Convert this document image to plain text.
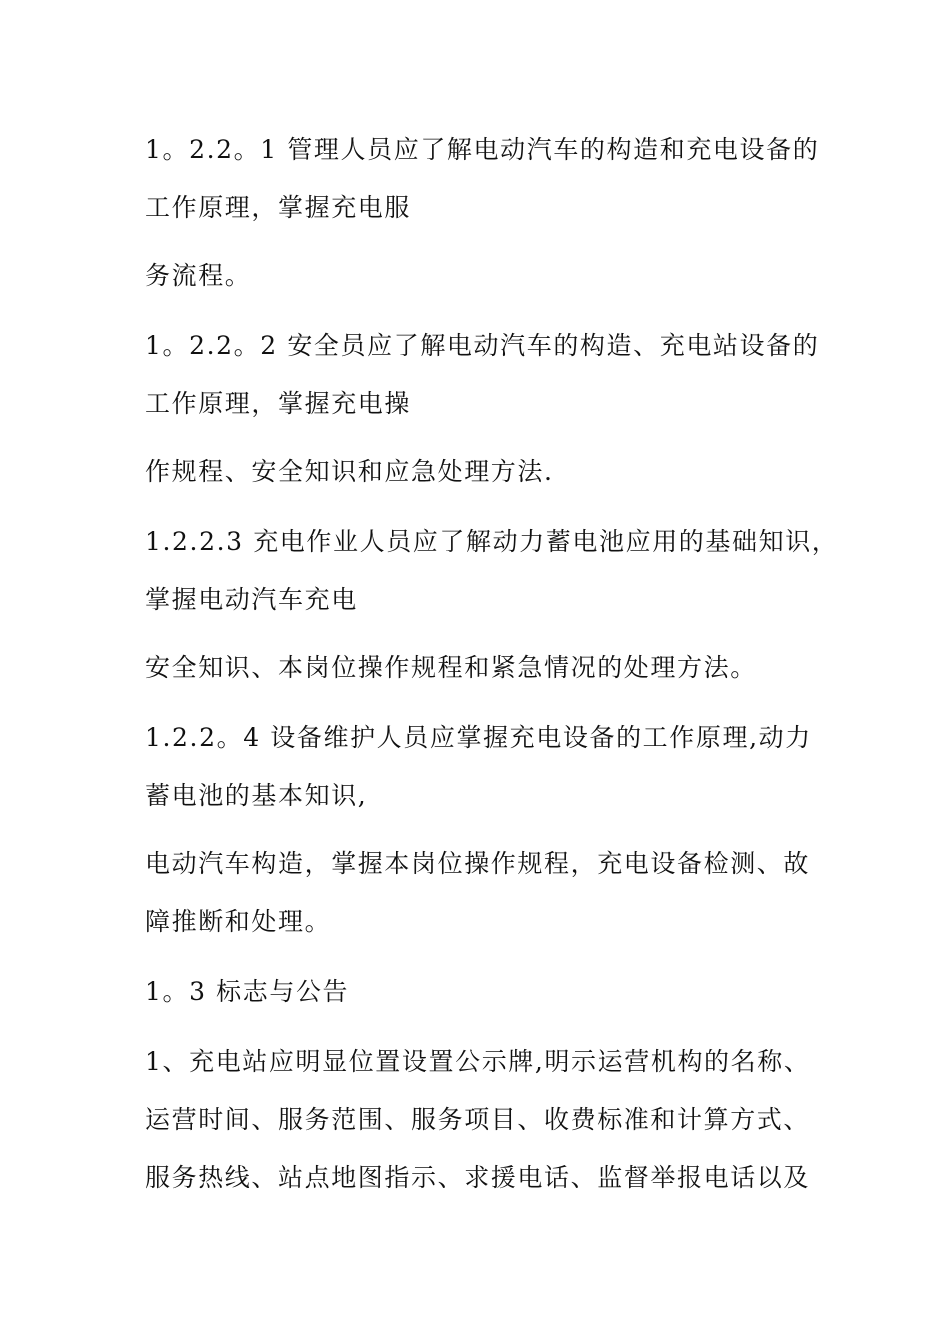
1。2.2。1 管理人员应了解电动汽车的构造和充电设备的
工作原理，掌握充电服
务流程。
1。2.2。2 安全员应了解电动汽车的构造、充电站设备的
工作原理，掌握充电操
作规程、安全知识和应急处理方法.
1.2.2.3 充电作业人员应了解动力蓄电池应用的基础知识，
掌握电动汽车充电
安全知识、本岗位操作规程和紧急情况的处理方法。
1.2.2。4 设备维护人员应掌握充电设备的工作原理,动力
蓄电池的基本知识,
电动汽车构造，掌握本岗位操作规程，充电设备检测、故
障推断和处理。
1。3 标志与公告
1、充电站应明显位置设置公示牌,明示运营机构的名称、
运营时间、服务范围、服务项目、收费标准和计算方式、
服务热线、站点地图指示、求援电话、监督举报电话以及
